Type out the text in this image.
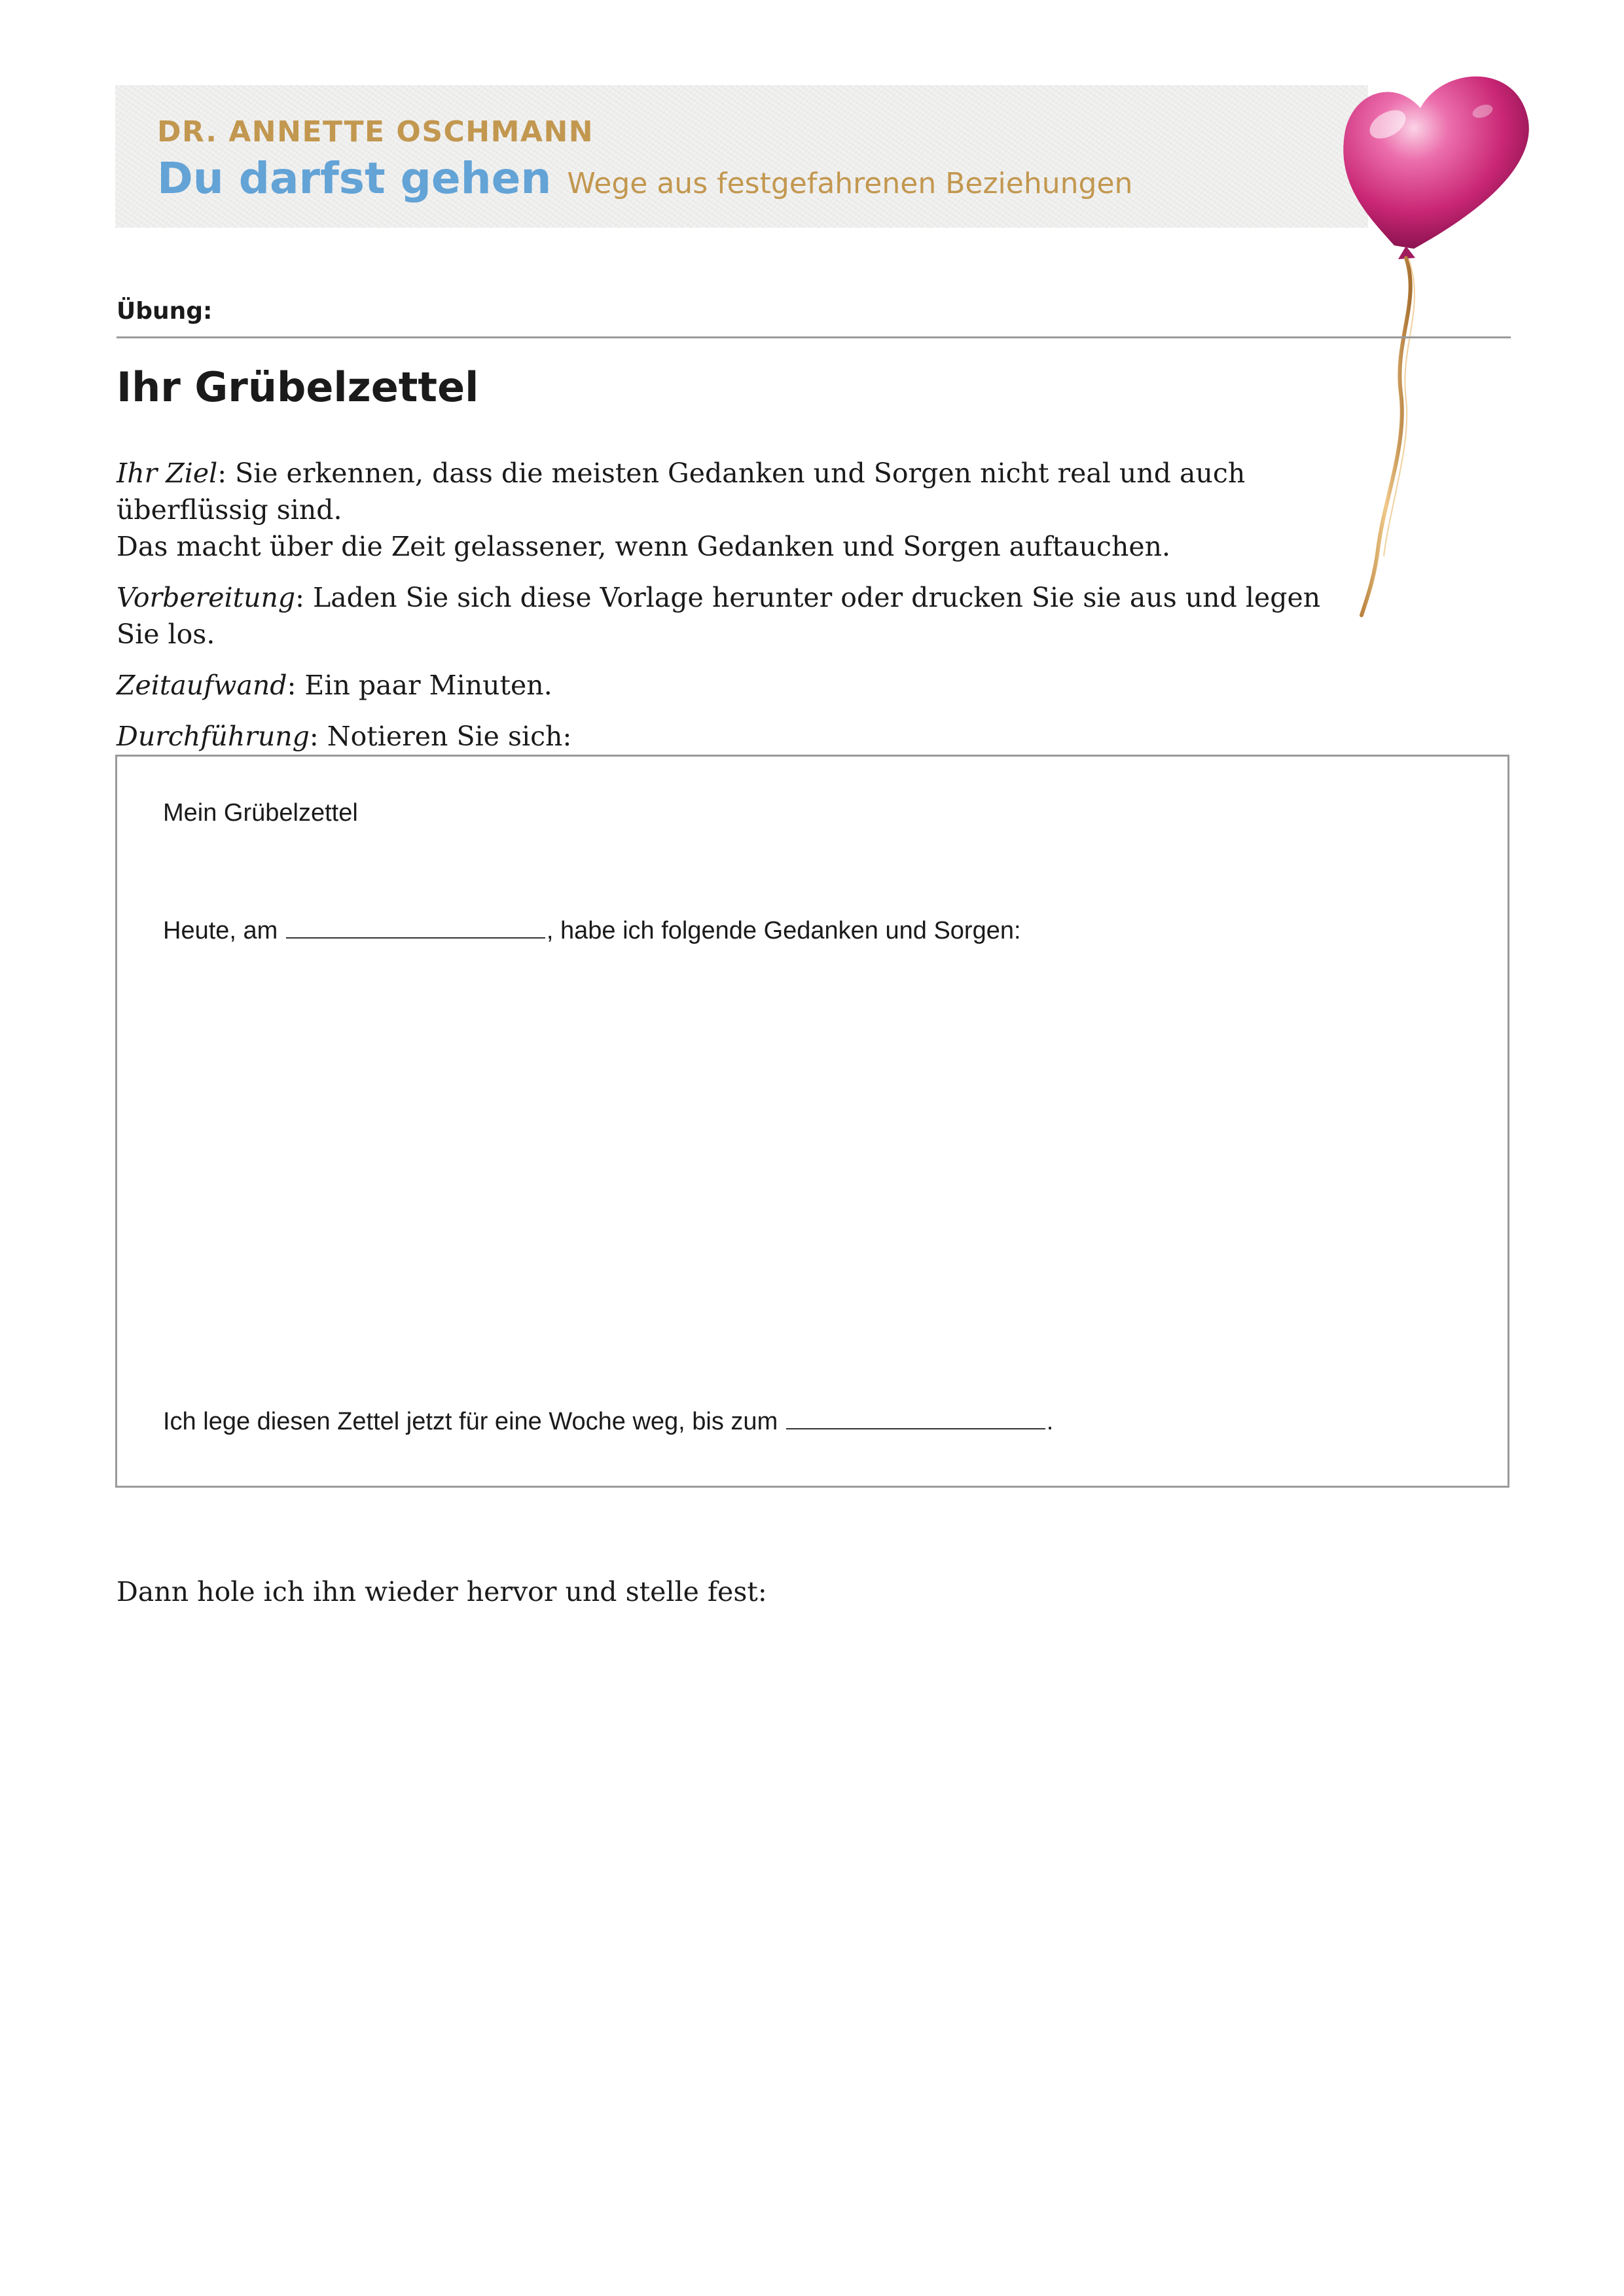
DR. ANNETTE OSCHMANN
Du darfst gehen Wege aus festgefahrenen Beziehungen
Übung:
Ihr Grübelzettel

Ihr Ziel: Sie erkennen, dass die meisten Gedanken und Sorgen nicht real und auch überflüssig sind.
Das macht über die Zeit gelassener, wenn Gedanken und Sorgen auftauchen.

Vorbereitung: Laden Sie sich diese Vorlage herunter oder drucken Sie sie aus und legen Sie los.

Zeitaufwand: Ein paar Minuten.

Durchführung: Notieren Sie sich:

Mein Grübelzettel
Heute, am	, habe ich folgende Gedanken und Sorgen:
Ich lege diesen Zettel jetzt für eine Woche weg, bis zum	.
Dann hole ich ihn wieder hervor und stelle fest:
